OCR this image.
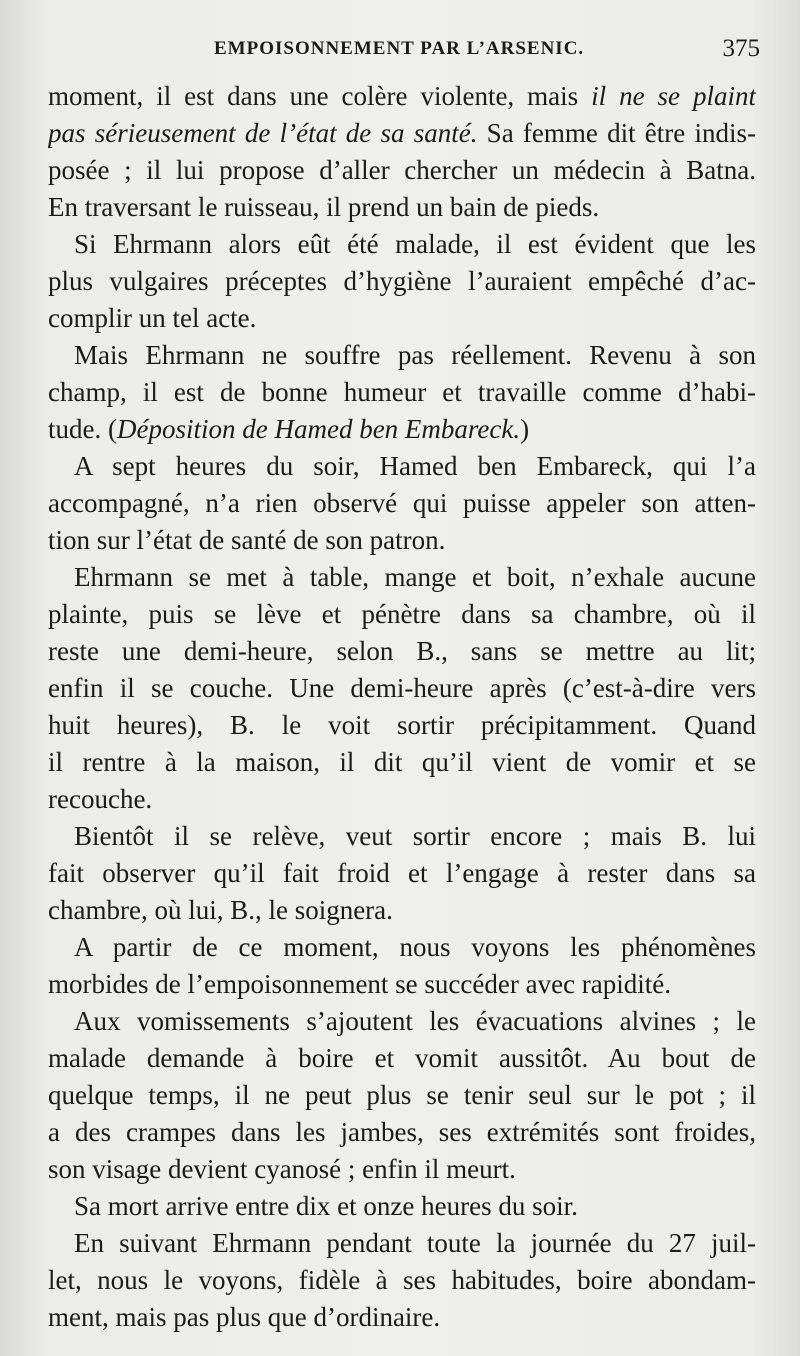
EMPOISONNEMENT PAR L’ARSENIC.	375
moment, il est dans une colère violente, mais il ne se plaint
pas sérieusement de l’état de sa santé. Sa femme dit être indis-
posée ; il lui propose d’aller chercher un médecin à Batna.
En traversant le ruisseau, il prend un bain de pieds.
Si Ehrmann alors eût été malade, il est évident que les
plus vulgaires préceptes d’hygiène l’auraient empêché d’ac-
complir un tel acte.
Mais Ehrmann ne souffre pas réellement. Revenu à son
champ, il est de bonne humeur et travaille comme d’habi-
tude. (Déposition de Hamed ben Embareck.)
A sept heures du soir, Hamed ben Embareck, qui l’a
accompagné, n’a rien observé qui puisse appeler son atten-
tion sur l’état de santé de son patron.
Ehrmann se met à table, mange et boit, n’exhale aucune
plainte, puis se lève et pénètre dans sa chambre, où il
reste une demi-heure, selon B., sans se mettre au lit;
enfin il se couche. Une demi-heure après (c’est-à-dire vers
huit heures), B. le voit sortir précipitamment. Quand
il rentre à la maison, il dit qu’il vient de vomir et se
recouche.
Bientôt il se relève, veut sortir encore ; mais B. lui
fait observer qu’il fait froid et l’engage à rester dans sa
chambre, où lui, B., le soignera.
A partir de ce moment, nous voyons les phénomènes
morbides de l’empoisonnement se succéder avec rapidité.
Aux vomissements s’ajoutent les évacuations alvines ; le
malade demande à boire et vomit aussitôt. Au bout de
quelque temps, il ne peut plus se tenir seul sur le pot ; il
a des crampes dans les jambes, ses extrémités sont froides,
son visage devient cyanosé ; enfin il meurt.
Sa mort arrive entre dix et onze heures du soir.
En suivant Ehrmann pendant toute la journée du 27 juil-
let, nous le voyons, fidèle à ses habitudes, boire abondam-
ment, mais pas plus que d’ordinaire.
